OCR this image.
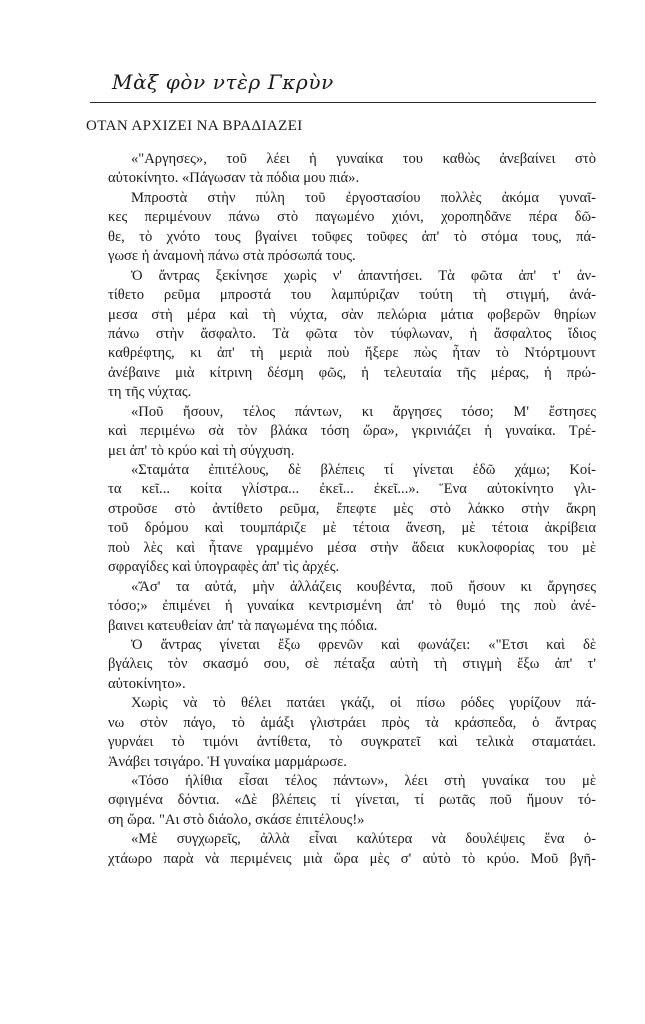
Μὰξ φὸν ντὲρ Γκρὺν
ΟΤΑΝ ΑΡΧΙΖΕΙ ΝΑ ΒΡΑΔΙΑΖΕΙ
«"Αργησες», τοῦ λέει ἡ γυναίκα του καθὼς ἀνεβαίνει στὸ
αὐτοκίνητο. «Πάγωσαν τὰ πόδια μου πιά».
Μπροστὰ στὴν πύλη τοῦ ἐργοστασίου πολλὲς ἀκόμα γυναῖ-
κες περιμένουν πάνω στὸ παγωμένο χιόνι, χοροπηδᾶνε πέρα δῶ-
θε, τὸ χνότο τους βγαίνει τοῦφες τοῦφες ἀπ' τὸ στόμα τους, πά-
γωσε ἡ ἀναμονὴ πάνω στὰ πρόσωπά τους.
Ὁ ἄντρας ξεκίνησε χωρὶς ν' ἀπαντήσει. Τὰ φῶτα ἀπ' τ' ἀν-
τίθετο ρεῦμα μπροστά του λαμπύριζαν τούτη τὴ στιγμή, ἀνά-
μεσα στὴ μέρα καὶ τὴ νύχτα, σὰν πελώρια μάτια φοβερῶν θηρίων
πάνω στὴν ἄσφαλτο. Τὰ φῶτα τὸν τύφλωναν, ἡ ἄσφαλτος ἴδιος
καθρέφτης, κι ἀπ' τὴ μεριὰ ποὺ ἤξερε πὼς ἦταν τὸ Ντόρτμουντ
ἀνέβαινε μιὰ κίτρινη δέσμη φῶς, ἡ τελευταία τῆς μέρας, ἡ πρώ-
τη τῆς νύχτας.
«Ποῦ ἤσουν, τέλος πάντων, κι ἄργησες τόσο; Μ' ἔστησες
καὶ περιμένω σὰ τὸν βλάκα τόση ὥρα», γκρινιάζει ἡ γυναίκα. Τρέ-
μει ἀπ' τὸ κρύο καὶ τὴ σύγχυση.
«Σταμάτα ἐπιτέλους, δὲ βλέπεις τί γίνεται ἐδῶ χάμω; Κοί-
τα κεῖ... κοίτα γλίστρα... ἐκεῖ... ἐκεῖ...». Ἕνα αὐτοκίνητο γλι-
στροῦσε στὸ ἀντίθετο ρεῦμα, ἔπεφτε μὲς στὸ λάκκο στὴν ἄκρη
τοῦ δρόμου καὶ τουμπάριζε μὲ τέτοια ἄνεση, μὲ τέτοια ἀκρίβεια
ποὺ λὲς καὶ ἦτανε γραμμένο μέσα στὴν ἄδεια κυκλοφορίας του μὲ
σφραγίδες καὶ ὑπογραφὲς ἀπ' τὶς ἀρχές.
«Ἄσ' τα αὐτά, μὴν ἀλλάζεις κουβέντα, ποῦ ἤσουν κι ἄργησες
τόσο;» ἐπιμένει ἡ γυναίκα κεντρισμένη ἀπ' τὸ θυμό της ποὺ ἀνέ-
βαινει κατευθείαν ἀπ' τὰ παγωμένα της πόδια.
Ὁ ἄντρας γίνεται ἔξω φρενῶν καὶ φωνάζει: «"Ετσι καὶ δὲ
βγάλεις τὸν σκασμό σου, σὲ πέταξα αὐτὴ τὴ στιγμὴ ἔξω ἀπ' τ'
αὐτοκίνητο».
Χωρὶς νὰ τὸ θέλει πατάει γκάζι, οἱ πίσω ρόδες γυρίζουν πά-
νω στὸν πάγο, τὸ ἁμάξι γλιστράει πρὸς τὰ κράσπεδα, ὁ ἄντρας
γυρνάει τὸ τιμόνι ἀντίθετα, τὸ συγκρατεῖ καὶ τελικὰ σταματάει.
Ἀνάβει τσιγάρο. Ἡ γυναίκα μαρμάρωσε.
«Τόσο ἠλίθια εἶσαι τέλος πάντων», λέει στὴ γυναίκα του μὲ
σφιγμένα δόντια. «Δὲ βλέπεις τί γίνεται, τί ρωτᾶς ποῦ ἤμουν τό-
ση ὥρα. "Αι στὸ διάολο, σκάσε ἐπιτέλους!»
«Μὲ συγχωρεῖς, ἀλλὰ εἶναι καλύτερα νὰ δουλέψεις ἕνα ὀ-
χτάωρο παρὰ νὰ περιμένεις μιὰ ὥρα μὲς σ' αὐτὸ τὸ κρύο. Μοῦ βγῆ-
